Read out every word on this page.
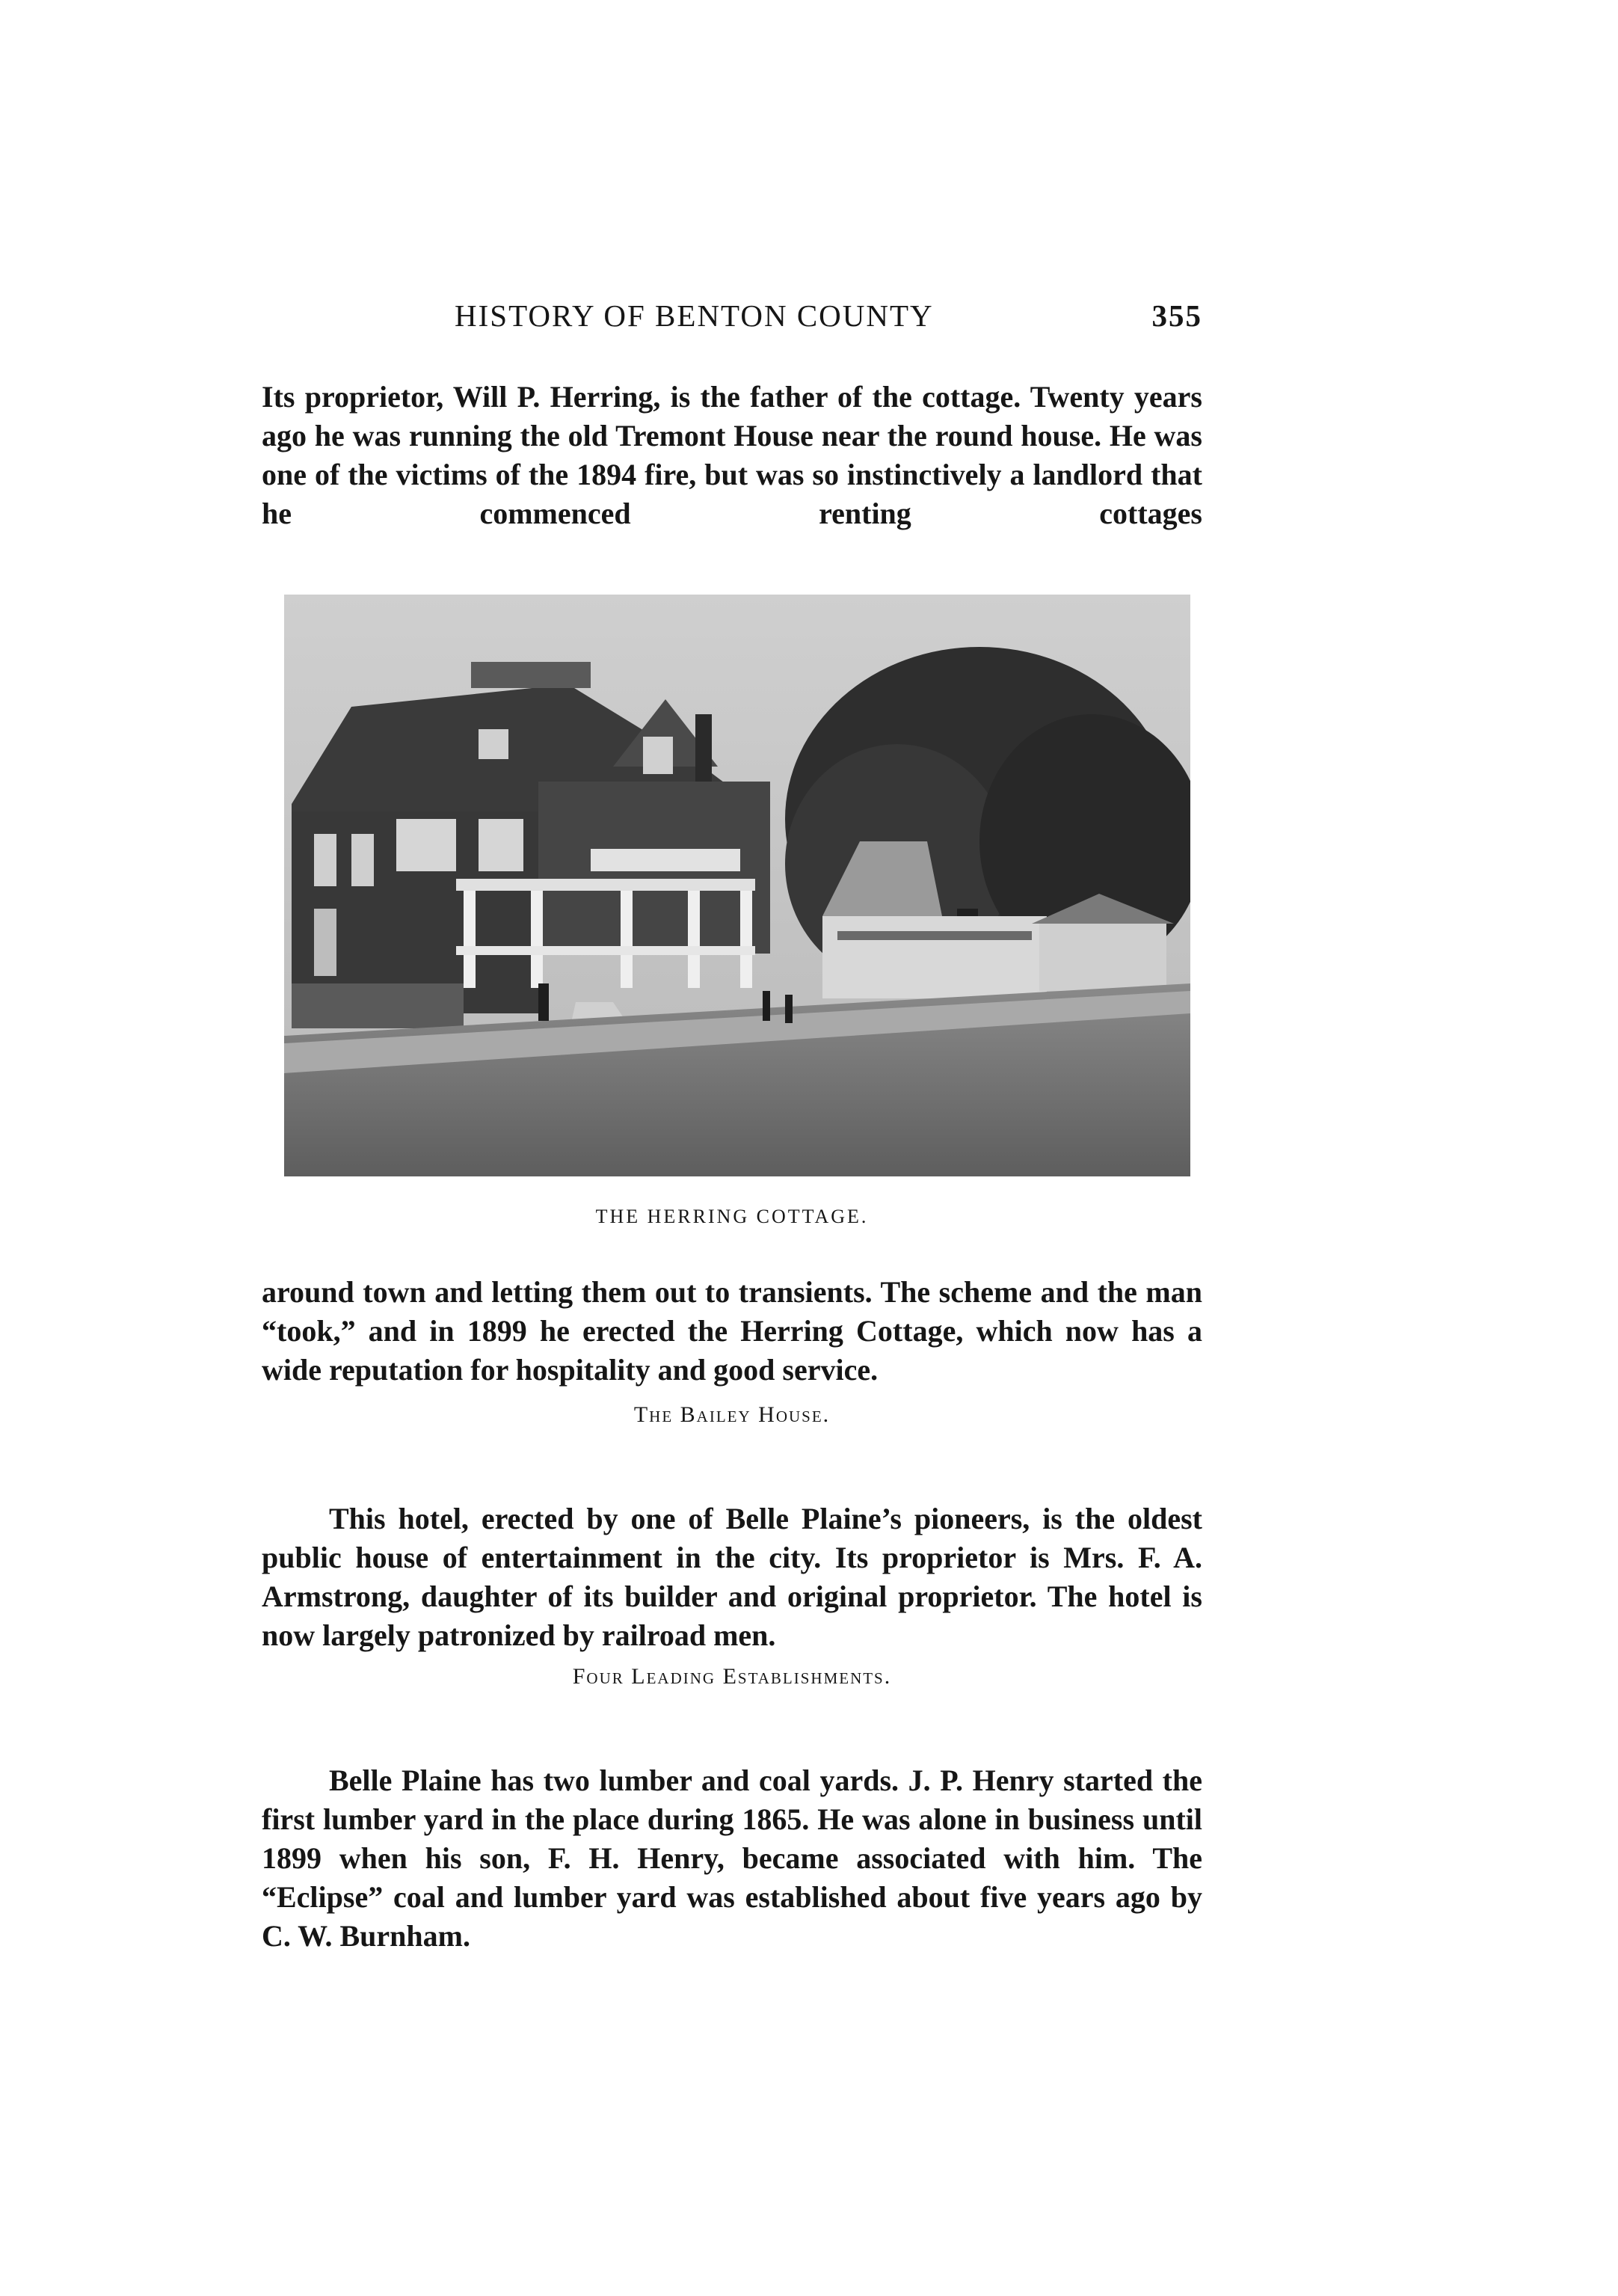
HISTORY OF BENTON COUNTY	355

Its proprietor, Will P. Herring, is the father of the cottage. Twenty years ago he was running the old Tremont House near the round house. He was one of the victims of the 1894 fire, but was so instinctively a landlord that he commenced renting cottages

THE HERRING COTTAGE.

around town and letting them out to transients. The scheme and the man “took,” and in 1899 he erected the Herring Cottage, which now has a wide reputation for hospitality and good service.

The Bailey House.

This hotel, erected by one of Belle Plaine’s pioneers, is the oldest public house of entertainment in the city. Its proprietor is Mrs. F. A. Armstrong, daughter of its builder and original proprietor. The hotel is now largely patronized by railroad men.

Four Leading Establishments.

Belle Plaine has two lumber and coal yards. J. P. Henry started the first lumber yard in the place during 1865. He was alone in business until 1899 when his son, F. H. Henry, became associated with him. The “Eclipse” coal and lumber yard was established about five years ago by C. W. Burnham.
